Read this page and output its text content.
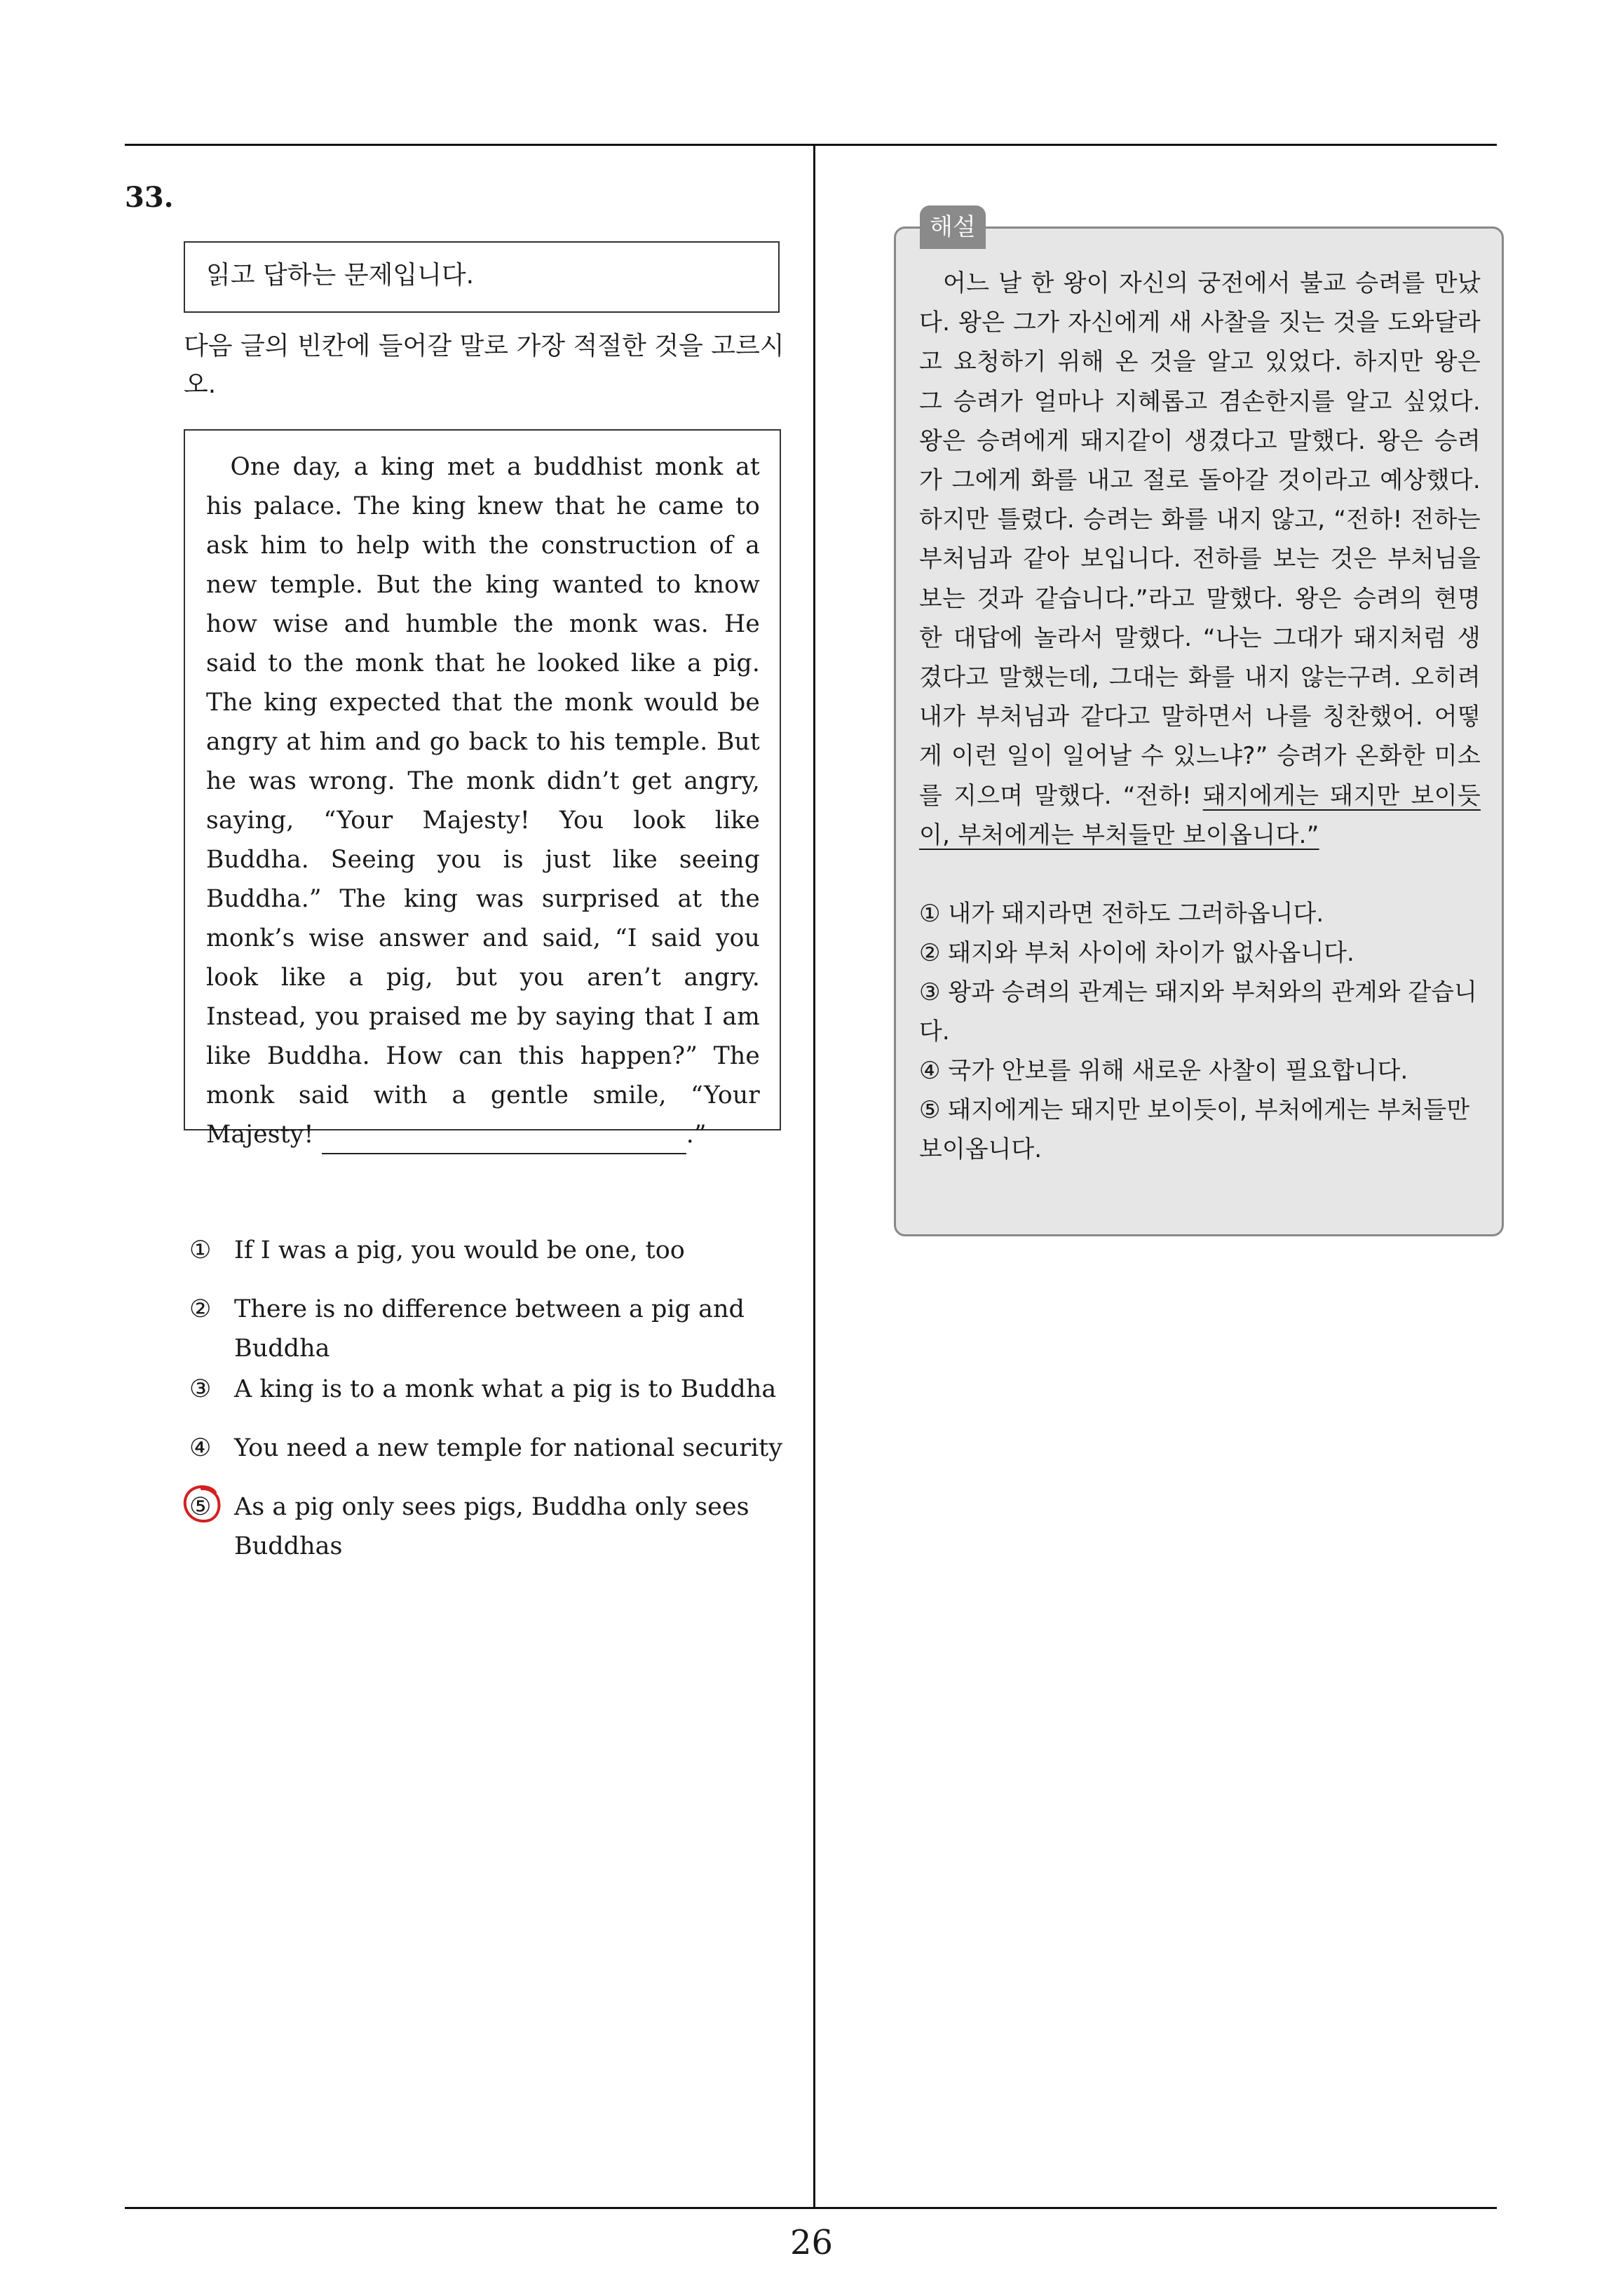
33.
읽고 답하는 문제입니다.

다음 글의 빈칸에 들어갈 말로 가장 적절한 것을 고르시오.

One day, a king met a buddhist monk at his palace. The king knew that he came to ask him to help with the construction of a new temple. But the king wanted to know how wise and humble the monk was. He said to the monk that he looked like a pig. The king expected that the monk would be angry at him and go back to his temple. But he was wrong. The monk didn’t get angry, saying, “Your Majesty! You look like Buddha. Seeing you is just like seeing Buddha.” The king was surprised at the monk’s wise answer and said, “I said you look like a pig, but you aren’t angry. Instead, you praised me by saying that I am like Buddha. How can this happen?” The monk said with a gentle smile, “Your Majesty!	.”

① If I was a pig, you would be one, too
② There is no difference between a pig and Buddha
③ A king is to a monk what a pig is to Buddha
④ You need a new temple for national security
⑤ As a pig only sees pigs, Buddha only sees Buddhas
해설

어느 날 한 왕이 자신의 궁전에서 불교 승려를 만났다. 왕은 그가 자신에게 새 사찰을 짓는 것을 도와달라고 요청하기 위해 온 것을 알고 있었다. 하지만 왕은 그 승려가 얼마나 지혜롭고 겸손한지를 알고 싶었다. 왕은 승려에게 돼지같이 생겼다고 말했다. 왕은 승려가 그에게 화를 내고 절로 돌아갈 것이라고 예상했다. 하지만 틀렸다. 승려는 화를 내지 않고, “전하! 전하는 부처님과 같아 보입니다. 전하를 보는 것은 부처님을 보는 것과 같습니다.”라고 말했다. 왕은 승려의 현명한 대답에 놀라서 말했다. “나는 그대가 돼지처럼 생겼다고 말했는데, 그대는 화를 내지 않는구려. 오히려 내가 부처님과 같다고 말하면서 나를 칭찬했어. 어떻게 이런 일이 일어날 수 있느냐?” 승려가 온화한 미소를 지으며 말했다. “전하! 돼지에게는 돼지만 보이듯이, 부처에게는 부처들만 보이옵니다.”

① 내가 돼지라면 전하도 그러하옵니다.
② 돼지와 부처 사이에 차이가 없사옵니다.
③ 왕과 승려의 관계는 돼지와 부처와의 관계와 같습니다.
④ 국가 안보를 위해 새로운 사찰이 필요합니다.
⑤ 돼지에게는 돼지만 보이듯이, 부처에게는 부처들만 보이옵니다.
26
